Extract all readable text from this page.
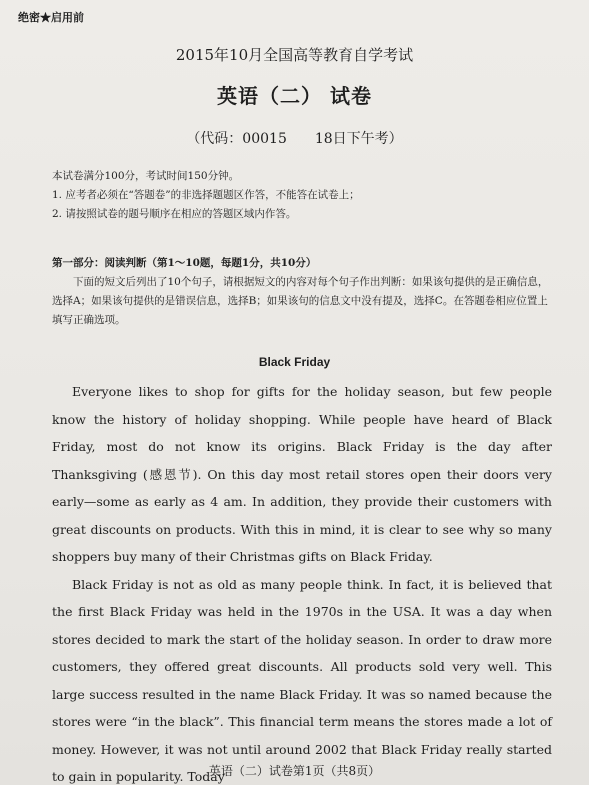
绝密★启用前
2015年10月全国高等教育自学考试
英语（二） 试卷
（代码：00015　　18日下午考）
本试卷满分100分，考试时间150分钟。
1. 应考者必须在“答题卷”的非选择题题区作答，不能答在试卷上；
2. 请按照试卷的题号顺序在相应的答题区域内作答。

第一部分：阅读判断（第1～10题，每题1分，共10分）

下面的短文后列出了10个句子，请根据短文的内容对每个句子作出判断：如果该句提供的是正确信息，选择A；如果该句提供的是错误信息，选择B；如果该句的信息文中没有提及，选择C。在答题卷相应位置上填写正确选项。

Black Friday

Everyone likes to shop for gifts for the holiday season, but few people know the history of holiday shopping. While people have heard of Black Friday, most do not know its origins. Black Friday is the day after Thanksgiving (感恩节). On this day most retail stores open their doors very early—some as early as 4 am. In addition, they provide their customers with great discounts on products. With this in mind, it is clear to see why so many shoppers buy many of their Christmas gifts on Black Friday.

Black Friday is not as old as many people think. In fact, it is believed that the first Black Friday was held in the 1970s in the USA. It was a day when stores decided to mark the start of the holiday season. In order to draw more customers, they offered great discounts. All products sold very well. This large success resulted in the name Black Friday. It was so named because the stores were “in the black”. This financial term means the stores made a lot of money. However, it was not until around 2002 that Black Friday really started to gain in popularity. Today

英语（二）试卷第1页（共8页）
